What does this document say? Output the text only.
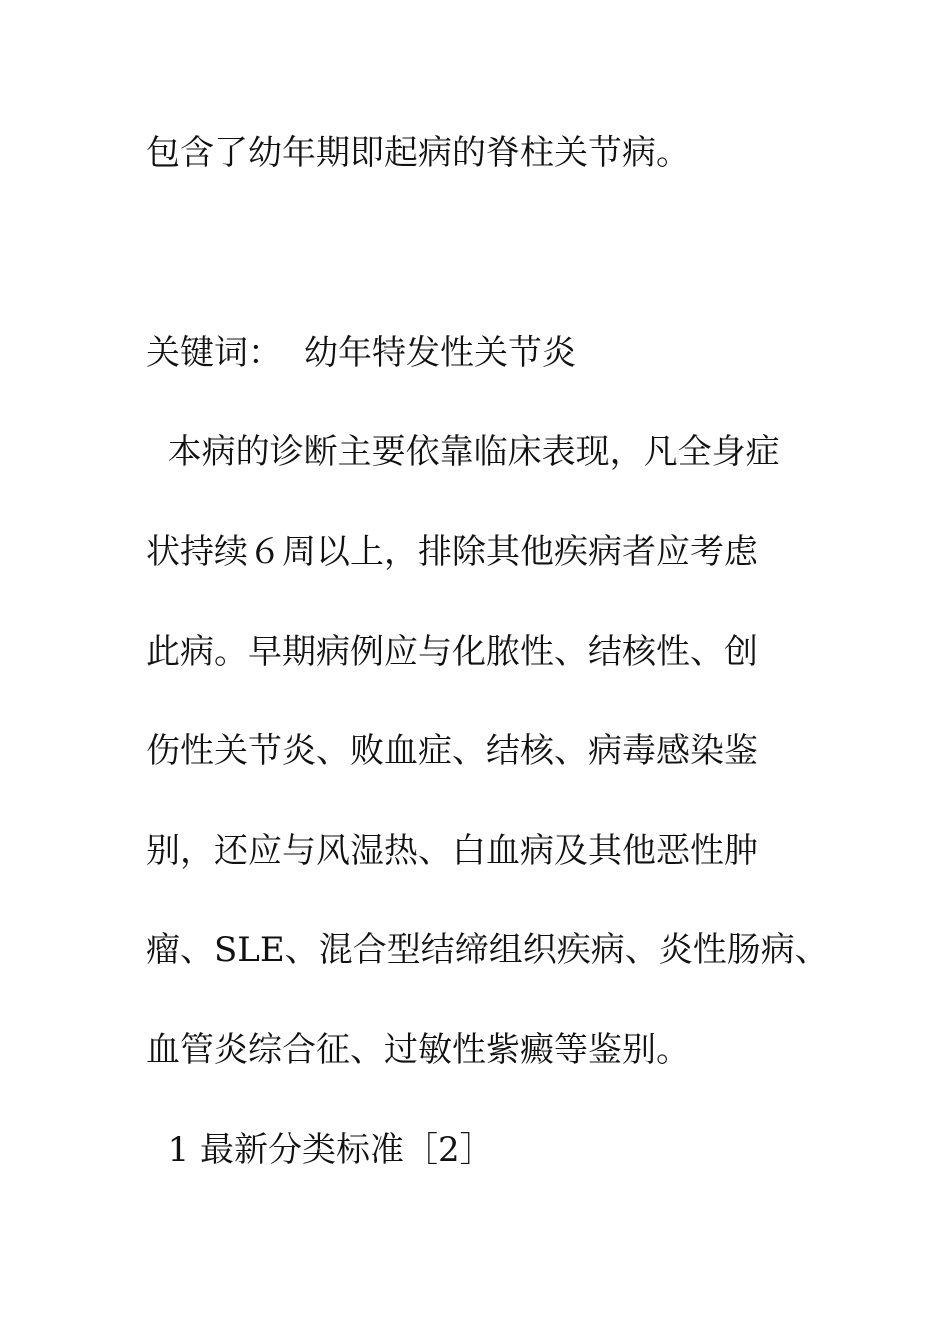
包含了幼年期即起病的脊柱关节病。
关键词： 幼年特发性关节炎
本病的诊断主要依靠临床表现，凡全身症
状持续６周以上，排除其他疾病者应考虑
此病。早期病例应与化脓性、结核性、创
伤性关节炎、败血症、结核、病毒感染鉴
别，还应与风湿热、白血病及其他恶性肿
瘤、SLE、混合型结缔组织疾病、炎性肠病、
血管炎综合征、过敏性紫癜等鉴别。
1 最新分类标准［2］
